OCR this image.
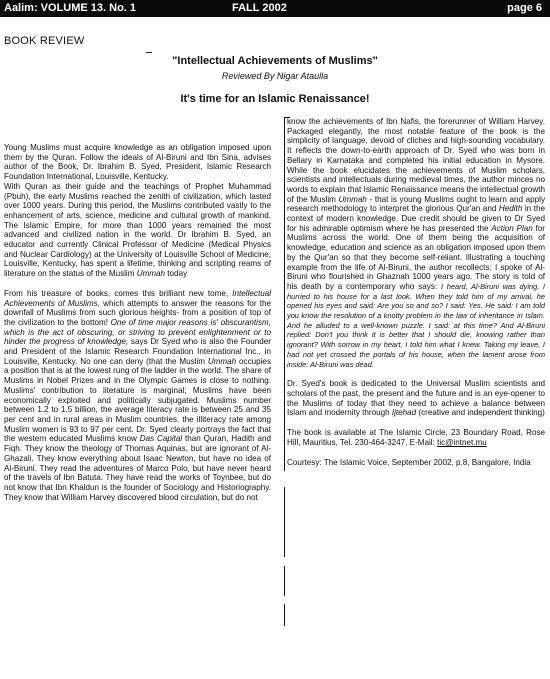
Aalim: VOLUME 13. No. 1	FALL 2002	page 6
BOOK REVIEW
"Intellectual Achievements of Muslims"
Reviewed By Nigar Ataulla
It's time for an Islamic Renaissance!

Young Muslims must acquire knowledge as an obligation imposed upon them by the Quran. Follow the ideals of Al-Biruni and Ibn Sina, advises author of the Book, Dr. Ibrahim B. Syed, President, Islamic Research Foundation International, Louisville, Kentucky.

With Quran as their guide and the teachings of Prophet Muhammad (Pbuh), the early Muslims reached the zenith of civilization, which lasted over 1000 years. During this period, the Muslims contributed vastly to the enhancement of arts, science, medicine and cultural growth of mankind. The Islamic Empire, for more than 1000 years remained the most advanced and civilized nation in the world. Dr Ibrahim B. Syed, an educator and currently Clinical Professor of Medicine (Medical Physics and Nuclear Cardiology) at the University of Louisville School of Medicine, Louisville, Kentucky, has spent a lifetime, thinking and scripting reams of literature on the status of the Muslim Ummah today

From his treasure of books, comes this brilliant new tome, Intellectual Achievements of Muslims, which attempts to answer the reasons for the downfall of Muslims from such glorious heights- from a position of top of the civilization to the bottom! One of time major reasons is' obscurantism, which is the act of obscuring, or striving to prevent enlightenment or to hinder the progress of knowledge, says Dr Syed who is also the Founder and President of the Islamic Research Foundation International Inc., in Louisville, Kentucky. No one can deny (that the Muslim Ummah occupies a position that is at the lowest rung of the ladder in the world. The share of Muslims in Nobel Prizes and in the Olympic Games is close to nothing. Muslims' contribution to literature is marginal; Muslims have been economically exploited and politically subjugated. Muslims number between 1.2 to 1.5 billion, the average literacy rate is between 25 and 35 per cent and in rural areas in Muslim countries. the illiteracy rate among Muslim women is 93 to 97 per cent. Dr. Syed clearly portrays the fact that the western educated Muslims know Das Capital than Quran, Hadith and Fiqh. They know the theology of Thomas Aquinas, but are ignorant of Al-Ghazali. They know everything about Isaac Newton, but have no idea of Al-Biruni. They read the adventures of Marco Polo, but have never heard of the travels of Ibn Batuta. They have read the works of Toynbee, but do not know that Ibn Khaldun is the founder of Sociology and Historiography. They know that William Harvey discovered blood circulation, but do not

know the achievements of Ibn Nafis, the forerunner of William Harvey. Packaged elegantly, the most notable feature of the book is the simplicity of language, devoid of cliches and high-sounding vocabulary. It reflects the down-to-earth approach of Dr. Syed who was born in Bellary in Karnataka and completed his initial education in Mysore. While the book elucidates the achievements of Muslim scholars, scientists and intellectuals during medieval times, the author minces no words to explain that Islamic Renaissance means the intellectual growth of the Muslim Ummah - that is young Muslims ought to learn and apply research methodology to interpret the glorious Qur'an and Hedith in the context of modern knowledge. Due credit should be given to Dr Syed for his admirable optimism where he has presented the Action Plan for Muslims across the world. One of them being the acquisition of knowledge, education and science as an obligation imposed upon them by the Qur'an so that they become self-reliant. Illustrating a touching example from the life of Al-Biruni, the author recollects: I spoke of Al-Biruni who flourished in Ghaznah 1000 years ago. The story is told of his death by a contemporary who says: I heard, Al-Biruni was dying, I hurried to his house for a last look. When they told him of my arrival, he opened his eyes and said: Are you so and so? I said: Yes. He said: I am told you know the resolution of a knotty problem in the law of inheritance in Islam. And he alluded to a well-known puzzle. I said: at this time? And Al-Biruni replied: Don't you think it is better that I should die, knowing rather than ignorant? With sorrow in my heart, I told him what I knew. Taking my leave, I had not yet crossed the portals of his house, when the lament arose from inside: Al-Biruni was dead.

Dr. Syed's book is dedicated to the Universal Muslim scientists and scholars of the past, the present and the future and is an eye-opener to the Muslims of today that they need to achieve a balance between Islam and modernity through Ijtehad (creative and independent thinking)

The book is available at The Islamic Circle, 23 Boundary Road, Rose Hill, Mauritius, Tel. 230-464-3247, E-Mail: tic@intnet.mu

Courtesy: The Islamic Voice, September 2002, p.8, Bangalore, India
